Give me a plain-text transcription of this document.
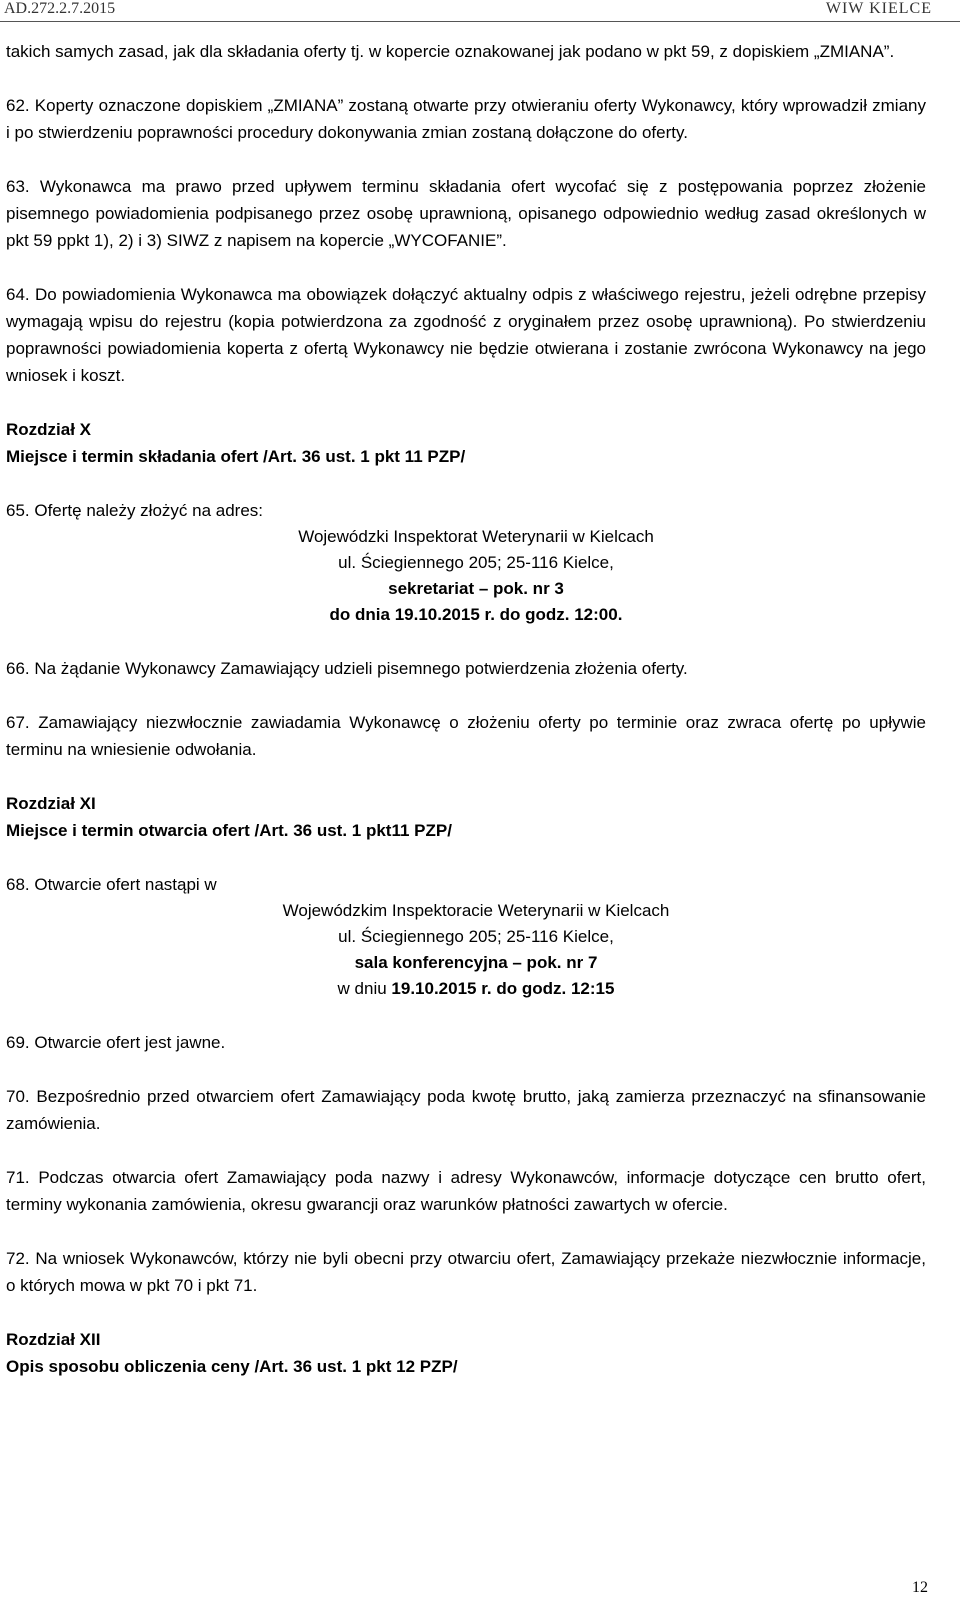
AD.272.2.7.2015	WIW KIELCE

takich samych zasad, jak dla składania oferty tj. w kopercie oznakowanej jak podano w pkt 59, z dopiskiem „ZMIANA”.

62. Koperty oznaczone dopiskiem „ZMIANA” zostaną otwarte przy otwieraniu oferty Wykonawcy, który wprowadził zmiany i po stwierdzeniu poprawności procedury dokonywania zmian zostaną dołączone do oferty.

63. Wykonawca ma prawo przed upływem terminu składania ofert wycofać się z postępowania poprzez złożenie pisemnego powiadomienia podpisanego przez osobę uprawnioną, opisanego odpowiednio według zasad określonych w pkt 59 ppkt 1), 2) i 3) SIWZ z napisem na kopercie „WYCOFANIE”.

64. Do powiadomienia Wykonawca ma obowiązek dołączyć aktualny odpis z właściwego rejestru, jeżeli odrębne przepisy wymagają wpisu do rejestru (kopia potwierdzona za zgodność z oryginałem przez osobę uprawnioną). Po stwierdzeniu poprawności powiadomienia koperta z ofertą Wykonawcy nie będzie otwierana i zostanie zwrócona Wykonawcy na jego wniosek i koszt.

Rozdział X

Miejsce i termin składania ofert /Art. 36 ust. 1 pkt 11 PZP/

65. Ofertę należy złożyć na adres:

Wojewódzki Inspektorat Weterynarii w Kielcach
ul. Ściegiennego 205; 25-116 Kielce,
sekretariat – pok. nr 3
do dnia 19.10.2015 r. do godz. 12:00.

66. Na żądanie Wykonawcy Zamawiający udzieli pisemnego potwierdzenia złożenia oferty.

67. Zamawiający niezwłocznie zawiadamia Wykonawcę o złożeniu oferty po terminie oraz zwraca ofertę po upływie terminu na wniesienie odwołania.

Rozdział XI

Miejsce i termin otwarcia ofert /Art. 36 ust. 1 pkt11 PZP/

68. Otwarcie ofert nastąpi w

Wojewódzkim Inspektoracie Weterynarii w Kielcach
ul. Ściegiennego 205; 25-116 Kielce,
sala konferencyjna – pok. nr 7
w dniu 19.10.2015 r. do godz. 12:15

69. Otwarcie ofert jest jawne.

70. Bezpośrednio przed otwarciem ofert Zamawiający poda kwotę brutto, jaką zamierza przeznaczyć na sfinansowanie zamówienia.

71. Podczas otwarcia ofert Zamawiający poda nazwy i adresy Wykonawców, informacje dotyczące cen brutto ofert, terminy wykonania zamówienia, okresu gwarancji oraz warunków płatności zawartych w ofercie.

72. Na wniosek Wykonawców, którzy nie byli obecni przy otwarciu ofert, Zamawiający przekaże niezwłocznie informacje, o których mowa w pkt 70 i pkt 71.

Rozdział XII

Opis sposobu obliczenia ceny /Art. 36 ust. 1 pkt 12 PZP/

12
